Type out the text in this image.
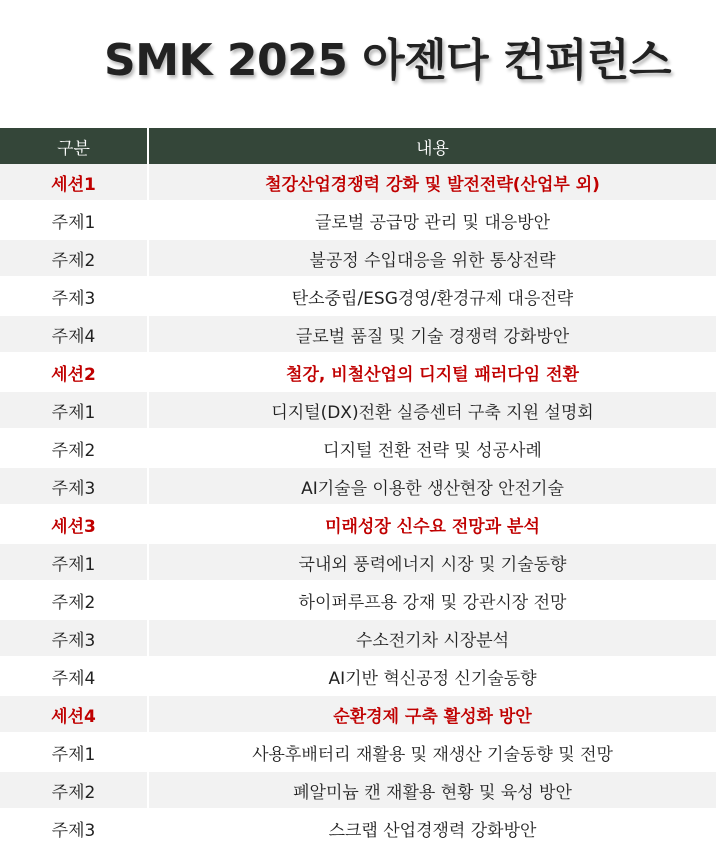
SMK 2025 아젠다 컨퍼런스
구분	내용
세션1	철강산업경쟁력 강화 및 발전전략(산업부 외)
주제1	글로벌 공급망 관리 및 대응방안
주제2	불공정 수입대응을 위한 통상전략
주제3	탄소중립/ESG경영/환경규제 대응전략
주제4	글로벌 품질 및 기술 경쟁력 강화방안
세션2	철강, 비철산업의 디지털 패러다임 전환
주제1	디지털(DX)전환 실증센터 구축 지원 설명회
주제2	디지털 전환 전략 및 성공사례
주제3	AI기술을 이용한 생산현장 안전기술
세션3	미래성장 신수요 전망과 분석
주제1	국내외 풍력에너지 시장 및 기술동향
주제2	하이퍼루프용 강재 및 강관시장 전망
주제3	수소전기차 시장분석
주제4	AI기반 혁신공정 신기술동향
세션4	순환경제 구축 활성화 방안
주제1	사용후배터리 재활용 및 재생산 기술동향 및 전망
주제2	폐알미늄 캔 재활용 현황 및 육성 방안
주제3	스크랩 산업경쟁력 강화방안
